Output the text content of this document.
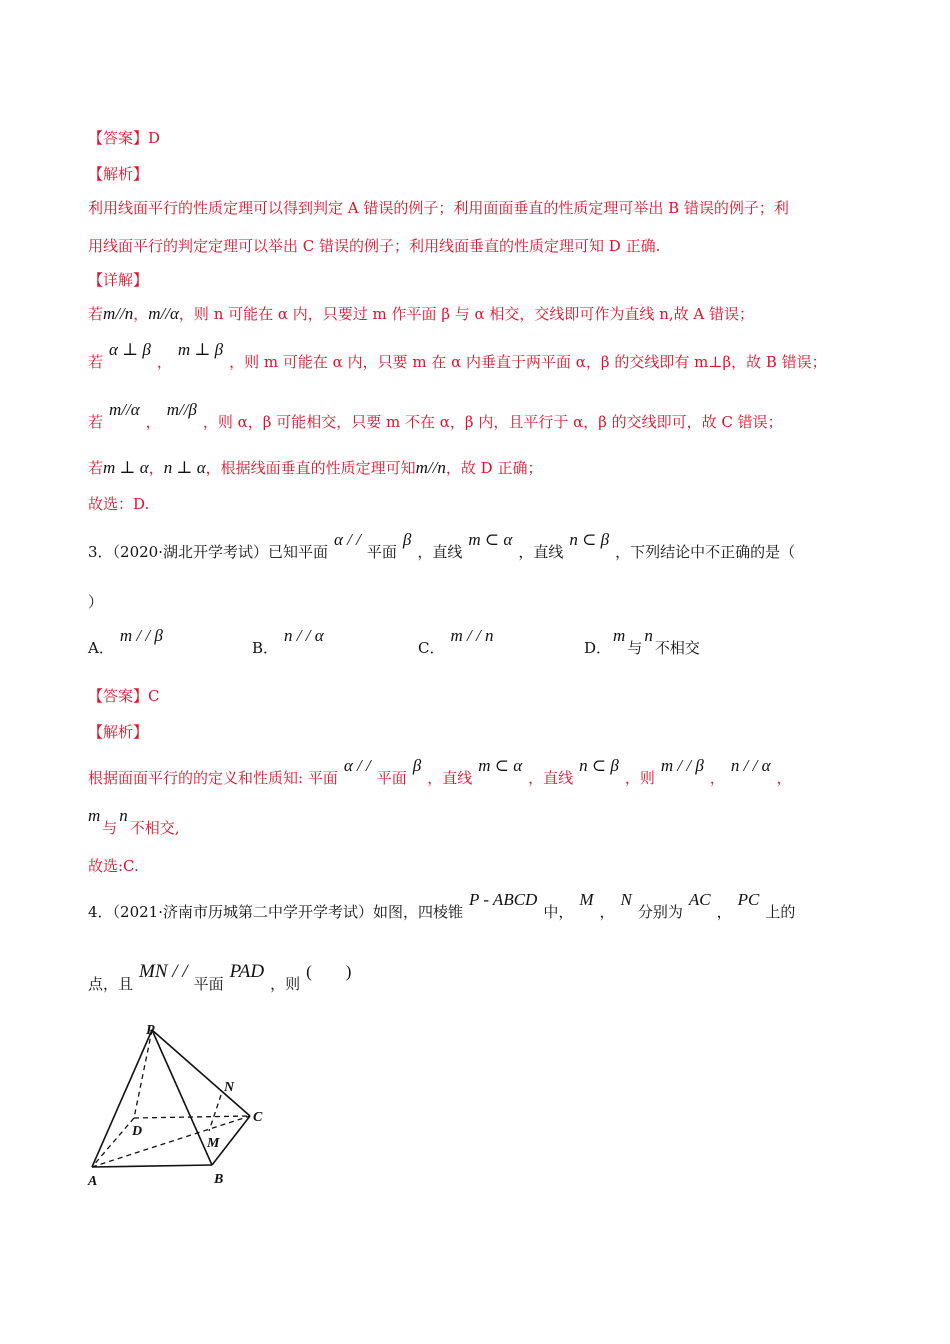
【答案】D
【解析】
利用线面平行的性质定理可以得到判定 A 错误的例子；利用面面垂直的性质定理可举出 B 错误的例子；利
用线面平行的判定定理可以举出 C 错误的例子；利用线面垂直的性质定理可知 D 正确.
【详解】
若m//n，m//α，则 n 可能在 α 内，只要过 m 作平面 β 与 α 相交，交线即可作为直线 n,故 A 错误；
若α ⊥ β，m ⊥ β，则 m 可能在 α 内，只要 m 在 α 内垂直于两平面 α，β 的交线即有 m⊥β，故 B 错误；
若m//α，m//β，则 α，β 可能相交，只要 m 不在 α，β 内，且平行于 α，β 的交线即可，故 C 错误；
若m ⊥ α，n ⊥ α，根据线面垂直的性质定理可知m//n，故 D 正确；
故选：D.
3．（2020·湖北开学考试）已知平面α / /平面β，直线m ⊂ α，直线n ⊂ β，下列结论中不正确的是（
）
A．m / / β
B．n / / α
C．m / / n
D．m与n不相交
【答案】C
【解析】
根据面面平行的的定义和性质知: 平面α / /平面β，直线m ⊂ α，直线n ⊂ β，则m / / β，n / / α，
m与n不相交,
故选:C.
4．（2021·济南市历城第二中学开学考试）如图，四棱锥P - ABCD中，M，N分别为AC，PC上的
点，且MN / /平面PAD，则(　　)
P
N
C
D
M
A	B
